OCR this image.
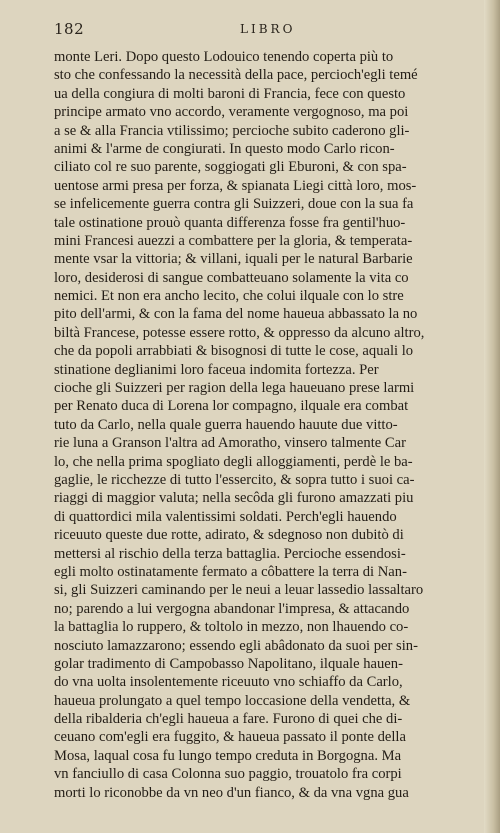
182	LIBRO
monte Leri. Dopo questo Lodouico tenendo coperta più to
sto che confessando la necessità della pace, percioch'egli temé
ua della congiura di molti baroni di Francia, fece con questo
principe armato vno accordo, veramente vergognoso, ma poi
a se & alla Francia vtilissimo; percioche subito caderono gli-
animi & l'arme de congiurati. In questo modo Carlo ricon-
ciliato col re suo parente, soggiogati gli Eburoni, & con spa-
uentose armi presa per forza, & spianata Liegi città loro, mos-
se infelicemente guerra contra gli Suizzeri, doue con la sua fa
tale ostinatione prouò quanta differenza fosse fra gentil'huo-
mini Francesi auezzi a combattere per la gloria, & temperata-
mente vsar la vittoria; & villani, iquali per le natural Barbarie
loro, desiderosi di sangue combatteuano solamente la vita co
nemici. Et non era ancho lecito, che colui ilquale con lo stre
pito dell'armi, & con la fama del nome haueua abbassato la no
biltà Francese, potesse essere rotto, & oppresso da alcuno altro,
che da popoli arrabbiati & bisognosi di tutte le cose, aquali lo
stinatione deglianimi loro faceua indomita fortezza. Per
cioche gli Suizzeri per ragion della lega haueuano prese larmi
per Renato duca di Lorena lor compagno, ilquale era combat
tuto da Carlo, nella quale guerra hauendo hauute due vitto-
rie luna a Granson l'altra ad Amoratho, vinsero talmente Car
lo, che nella prima spogliato degli alloggiamenti, perdè le ba-
gaglie, le ricchezze di tutto l'essercito, & sopra tutto i suoi ca-
riaggi di maggior valuta; nella secôda gli furono amazzati piu
di quattordici mila valentissimi soldati. Perch'egli hauendo
riceuuto queste due rotte, adirato, & sdegnoso non dubitò di
mettersi al rischio della terza battaglia. Percioche essendosi-
egli molto ostinatamente fermato a côbattere la terra di Nan-
si, gli Suizzeri caminando per le neui a leuar lassedio lassaltaro
no; parendo a lui vergogna abandonar l'impresa, & attacando
la battaglia lo ruppero, & toltolo in mezzo, non lhauendo co-
nosciuto lamazzarono; essendo egli abâdonato da suoi per sin-
golar tradimento di Campobasso Napolitano, ilquale hauen-
do vna uolta insolentemente riceuuto vno schiaffo da Carlo,
haueua prolungato a quel tempo loccasione della vendetta, &
della ribalderia ch'egli haueua a fare. Furono di quei che di-
ceuano com'egli era fuggito, & haueua passato il ponte della
Mosa, laqual cosa fu lungo tempo creduta in Borgogna. Ma
vn fanciullo di casa Colonna suo paggio, trouatolo fra corpi
morti lo riconobbe da vn neo d'un fianco, & da vna vgna gua
